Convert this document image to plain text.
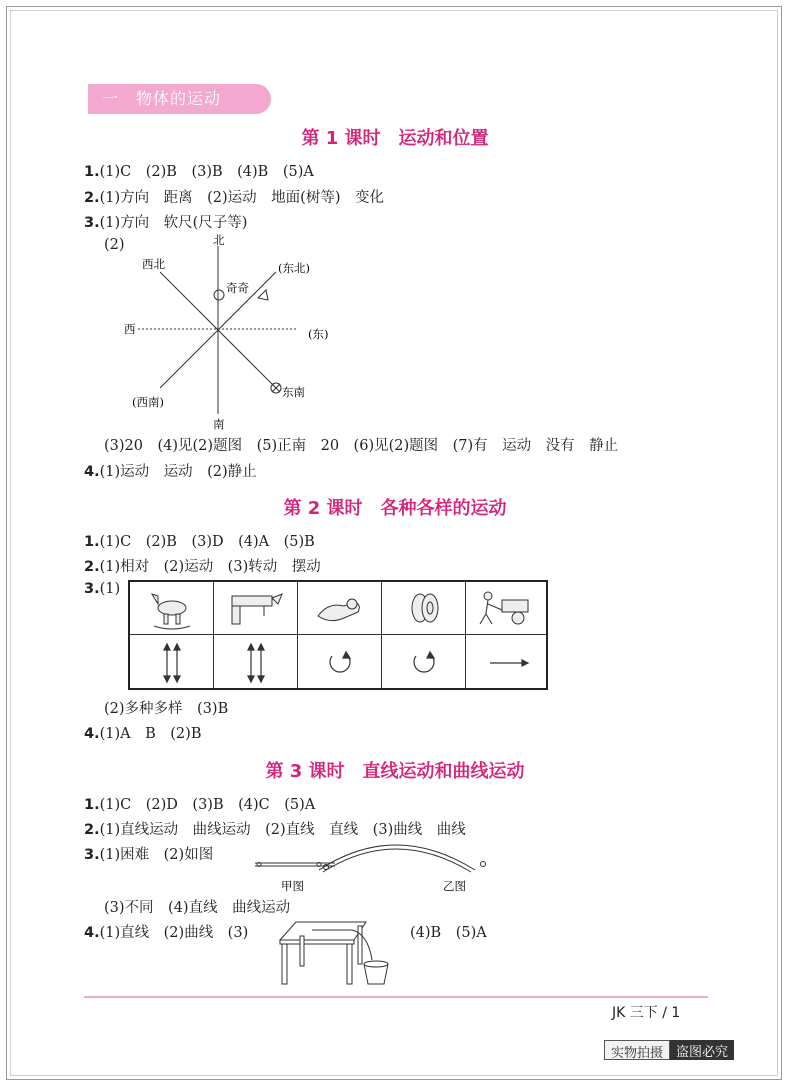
一　物体的运动
第 1 课时　运动和位置
1.(1)C　(2)B　(3)B　(4)B　(5)A
2.(1)方向　距离　(2)运动　地面(树等)　变化
3.(1)方向　软尺(尺子等)
(2)	北
南
西	(东)
(东北)
西北
东南
(西南)
奇奇
(3)20　(4)见(2)题图　(5)正南　20　(6)见(2)题图　(7)有　运动　没有　静止
4.(1)运动　运动　(2)静止
第 2 课时　各种各样的运动
1.(1)C　(2)B　(3)D　(4)A　(5)B
2.(1)相对　(2)运动　(3)转动　摆动
3.(1)
(2)多种多样　(3)B
4.(1)A　B　(2)B
第 3 课时　直线运动和曲线运动
1.(1)C　(2)D　(3)B　(4)C　(5)A
2.(1)直线运动　曲线运动　(2)直线　直线　(3)曲线　曲线
3.(1)困难　(2)如图
甲图	乙图
(3)不同　(4)直线　曲线运动
4.(1)直线　(2)曲线　(3)	(4)B　(5)A
JK 三下 / 1
实物拍摄	盗图必究
